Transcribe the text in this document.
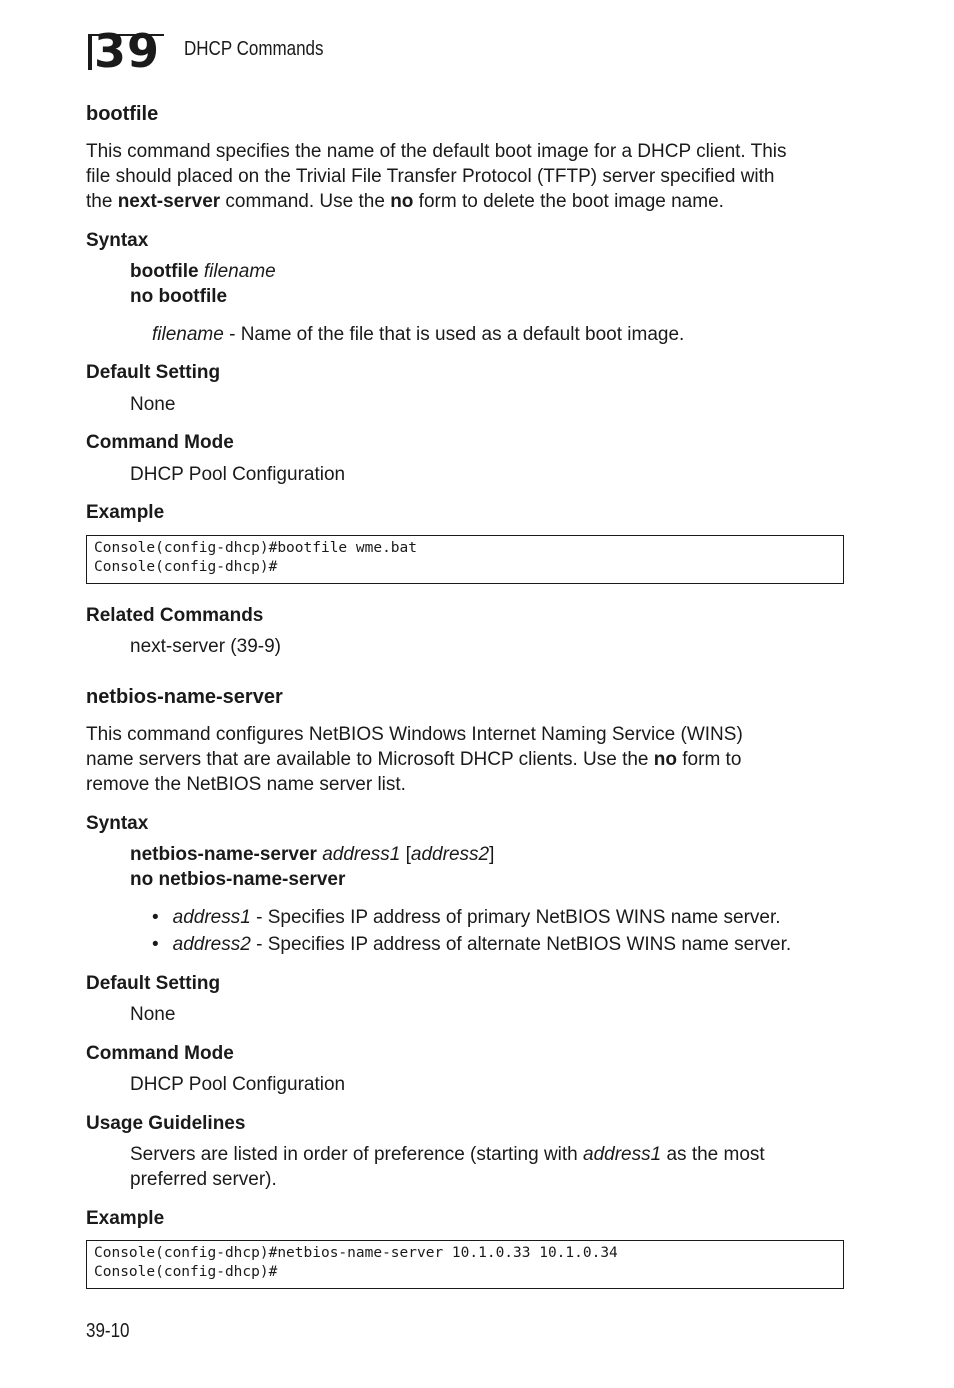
39 DHCP Commands
bootfile
This command specifies the name of the default boot image for a DHCP client. This
file should placed on the Trivial File Transfer Protocol (TFTP) server specified with
the next-server command. Use the no form to delete the boot image name.
Syntax
bootfile filename
no bootfile
filename - Name of the file that is used as a default boot image.
Default Setting
None
Command Mode
DHCP Pool Configuration
Example
Console(config-dhcp)#bootfile wme.bat
Console(config-dhcp)#
Related Commands
next-server (39-9)
netbios-name-server
This command configures NetBIOS Windows Internet Naming Service (WINS)
name servers that are available to Microsoft DHCP clients. Use the no form to
remove the NetBIOS name server list.
Syntax
netbios-name-server address1 [address2]
no netbios-name-server
• address1 - Specifies IP address of primary NetBIOS WINS name server.
• address2 - Specifies IP address of alternate NetBIOS WINS name server.
Default Setting
None
Command Mode
DHCP Pool Configuration
Usage Guidelines
Servers are listed in order of preference (starting with address1 as the most
preferred server).
Example
Console(config-dhcp)#netbios-name-server 10.1.0.33 10.1.0.34
Console(config-dhcp)#
39-10
